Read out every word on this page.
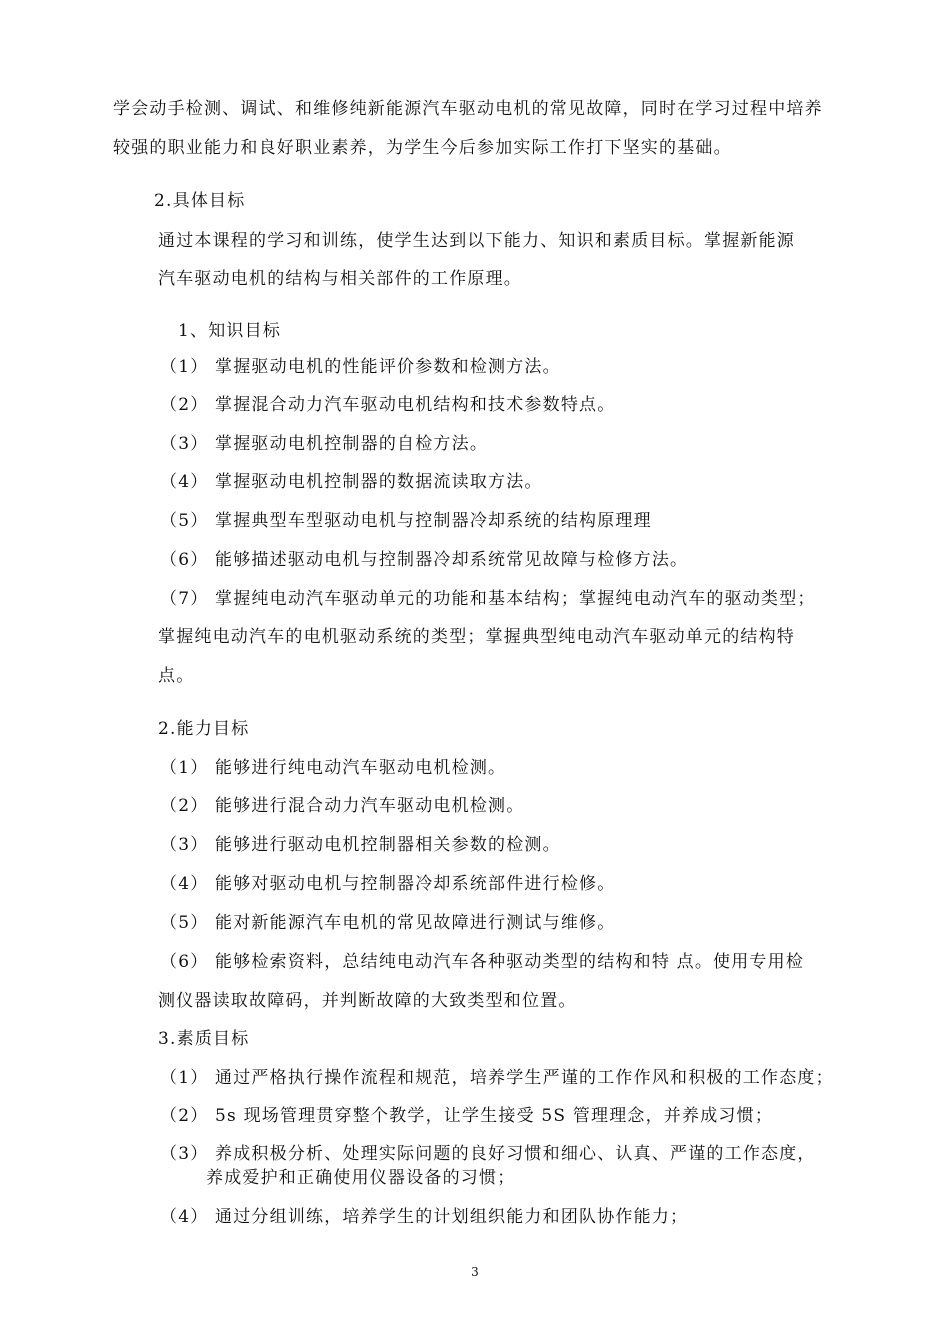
学会动手检测、调试、和维修纯新能源汽车驱动电机的常见故障，同时在学习过程中培养
较强的职业能力和良好职业素养，为学生今后参加实际工作打下坚实的基础。
2.具体目标
通过本课程的学习和训练，使学生达到以下能力、知识和素质目标。掌握新能源
汽车驱动电机的结构与相关部件的工作原理。
1、知识目标
（1） 掌握驱动电机的性能评价参数和检测方法。
（2） 掌握混合动力汽车驱动电机结构和技术参数特点。
（3） 掌握驱动电机控制器的自检方法。
（4） 掌握驱动电机控制器的数据流读取方法。
（5） 掌握典型车型驱动电机与控制器冷却系统的结构原理理
（6） 能够描述驱动电机与控制器冷却系统常见故障与检修方法。
（7） 掌握纯电动汽车驱动单元的功能和基本结构；掌握纯电动汽车的驱动类型；
掌握纯电动汽车的电机驱动系统的类型；掌握典型纯电动汽车驱动单元的结构特
点。
2.能力目标
（1） 能够进行纯电动汽车驱动电机检测。
（2） 能够进行混合动力汽车驱动电机检测。
（3） 能够进行驱动电机控制器相关参数的检测。
（4） 能够对驱动电机与控制器冷却系统部件进行检修。
（5） 能对新能源汽车电机的常见故障进行测试与维修。
（6） 能够检索资料，总结纯电动汽车各种驱动类型的结构和特 点。使用专用检
测仪器读取故障码，并判断故障的大致类型和位置。
3.素质目标
（1） 通过严格执行操作流程和规范，培养学生严谨的工作作风和积极的工作态度；
（2） 5s 现场管理贯穿整个教学，让学生接受 5S 管理理念，并养成习惯；
（3） 养成积极分析、处理实际问题的良好习惯和细心、认真、严谨的工作态度，
养成爱护和正确使用仪器设备的习惯；
（4） 通过分组训练，培养学生的计划组织能力和团队协作能力；
3
